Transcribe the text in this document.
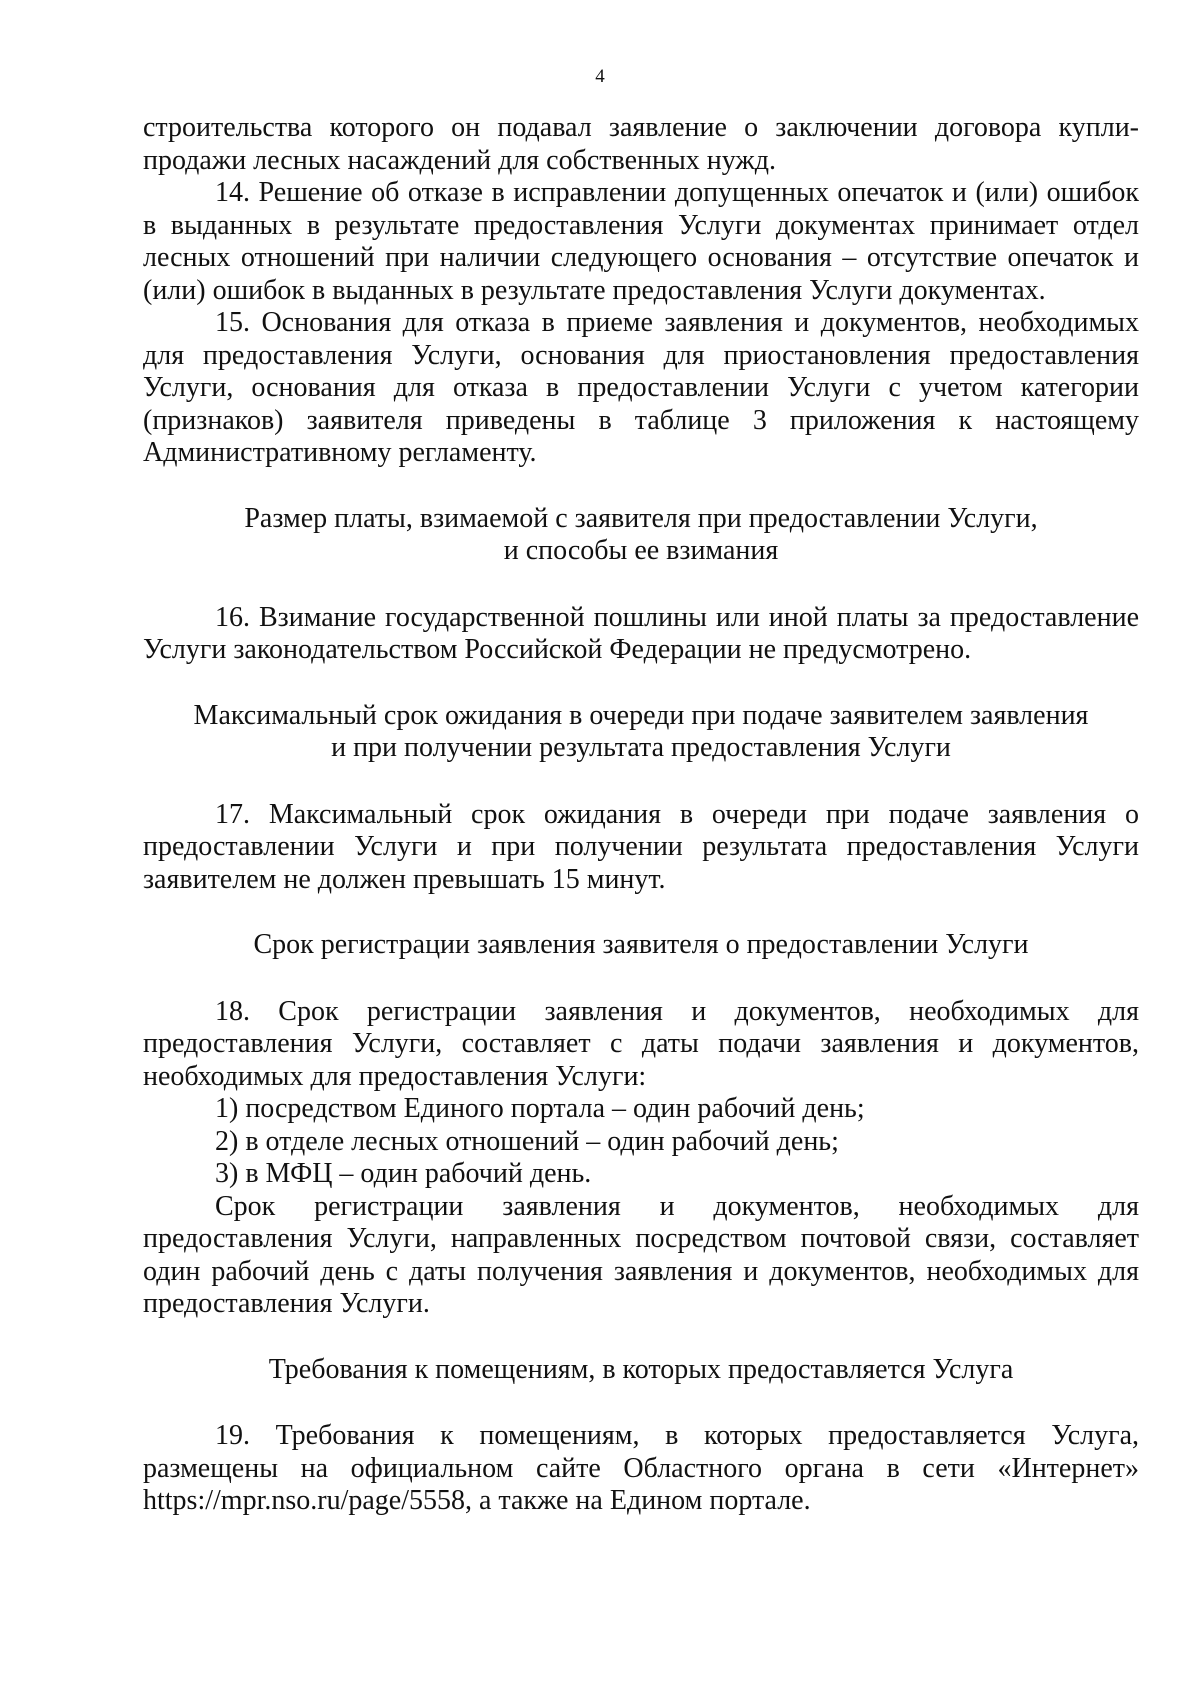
4

строительства которого он подавал заявление о заключении договора купли-продажи лесных насаждений для собственных нужд.

14. Решение об отказе в исправлении допущенных опечаток и (или) ошибок в выданных в результате предоставления Услуги документах принимает отдел лесных отношений при наличии следующего основания – отсутствие опечаток и (или) ошибок в выданных в результате предоставления Услуги документах.

15. Основания для отказа в приеме заявления и документов, необходимых для предоставления Услуги, основания для приостановления предоставления Услуги, основания для отказа в предоставлении Услуги с учетом категории (признаков) заявителя приведены в таблице 3 приложения к настоящему Административному регламенту.

Размер платы, взимаемой с заявителя при предоставлении Услуги,

и способы ее взимания

16. Взимание государственной пошлины или иной платы за предоставление Услуги законодательством Российской Федерации не предусмотрено.

Максимальный срок ожидания в очереди при подаче заявителем заявления

и при получении результата предоставления Услуги

17. Максимальный срок ожидания в очереди при подаче заявления о предоставлении Услуги и при получении результата предоставления Услуги заявителем не должен превышать 15 минут.

Срок регистрации заявления заявителя о предоставлении Услуги

18. Срок регистрации заявления и документов, необходимых для предоставления Услуги, составляет с даты подачи заявления и документов, необходимых для предоставления Услуги:

1) посредством Единого портала – один рабочий день;

2) в отделе лесных отношений – один рабочий день;

3) в МФЦ – один рабочий день.

Срок регистрации заявления и документов, необходимых для предоставления Услуги, направленных посредством почтовой связи, составляет один рабочий день с даты получения заявления и документов, необходимых для предоставления Услуги.

Требования к помещениям, в которых предоставляется Услуга

19. Требования к помещениям, в которых предоставляется Услуга, размещены на официальном сайте Областного органа в сети «Интернет» https://mpr.nso.ru/page/5558, а также на Едином портале.
